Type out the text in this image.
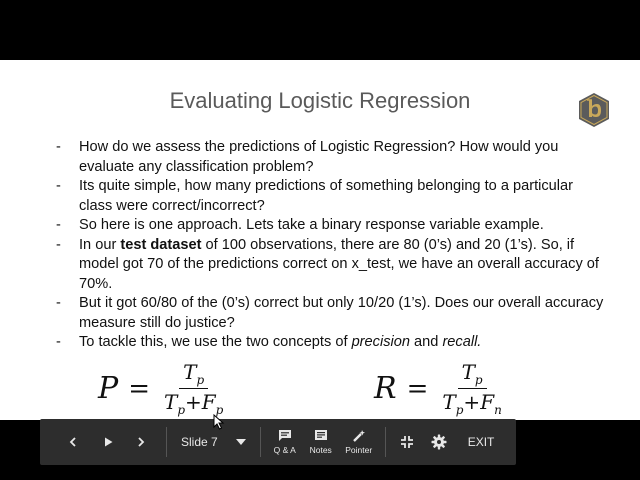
Evaluating Logistic Regression
- How do we assess the predictions of Logistic Regression? How would you evaluate any classification problem?
- Its quite simple, how many predictions of something belonging to a particular class were correct/incorrect?
- So here is one approach. Lets take a binary response variable example.
- In our test dataset of 100 observations, there are 80 (0’s) and 20 (1’s). So, if model got 70 of the predictions correct on x_test, we have an overall accuracy of 70%.
- But it got 60/80 of the (0’s) correct but only 10/20 (1’s). Does our overall accuracy measure still do justice?
- To tackle this, we use the two concepts of precision and recall.
$P = \frac{T_p}{T_p+F_p}$	$R = \frac{T_p}{T_p+F_n}$
Slide 7
Q & A Notes Pointer
EXIT
